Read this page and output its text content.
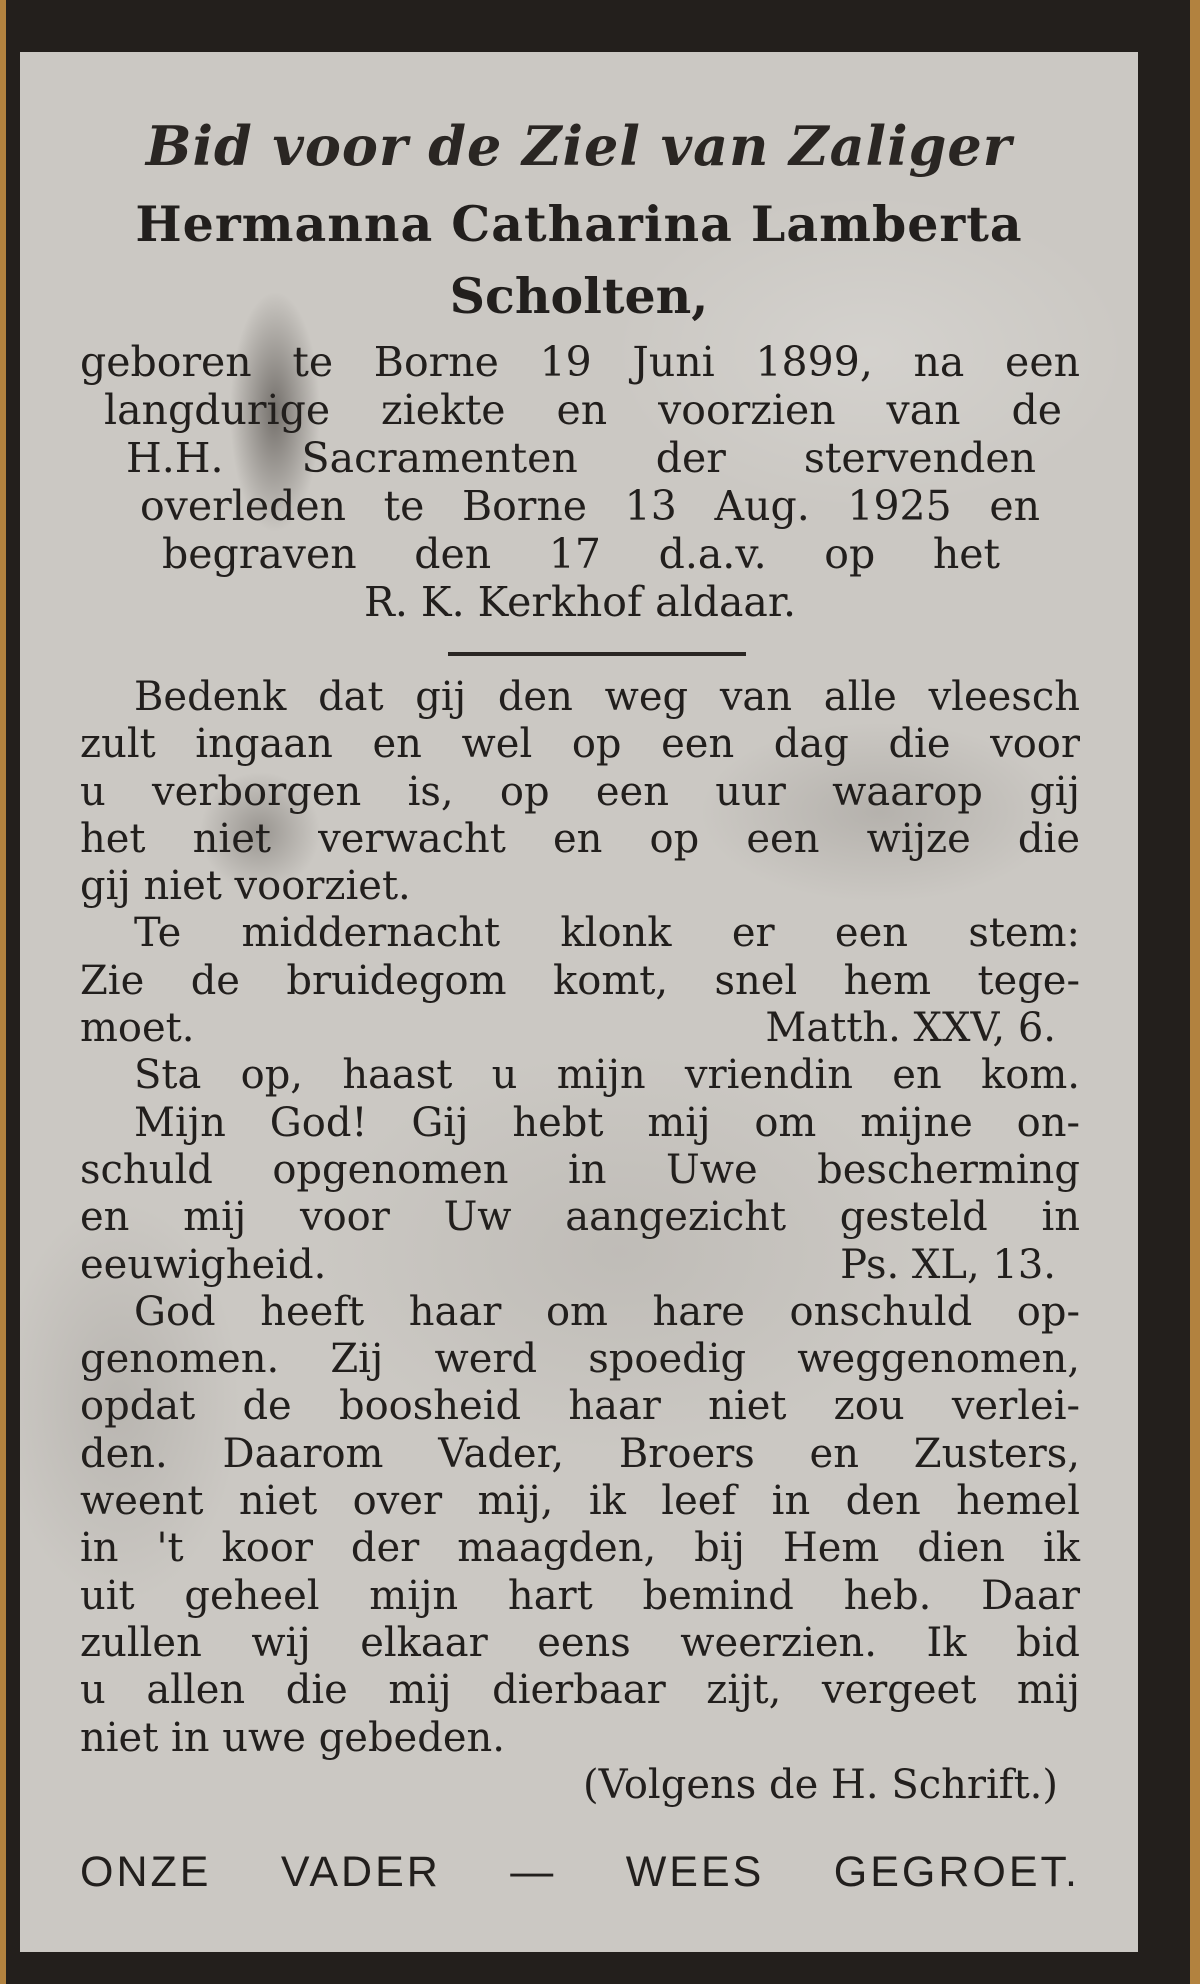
Bid voor de Ziel van Zaliger
Hermanna Catharina Lamberta
Scholten,
geboren te Borne 19 Juni 1899, na een
langdurige ziekte en voorzien van de
H.H. Sacramenten der stervenden
overleden te Borne 13 Aug. 1925 en
begraven den 17 d.a.v. op het
R. K. Kerkhof aldaar.
Bedenk dat gij den weg van alle vleesch
zult ingaan en wel op een dag die voor
u verborgen is, op een uur waarop gij
het niet verwacht en op een wijze die
gij niet voorziet.
Te middernacht klonk er een stem:
Zie de bruidegom komt, snel hem tege-
moet.	Matth. XXV, 6.
Sta op, haast u mijn vriendin en kom.
Mijn God! Gij hebt mij om mijne on-
schuld opgenomen in Uwe bescherming
en mij voor Uw aangezicht gesteld in
eeuwigheid.	Ps. XL, 13.
God heeft haar om hare onschuld op-
genomen. Zij werd spoedig weggenomen,
opdat de boosheid haar niet zou verlei-
den. Daarom Vader, Broers en Zusters,
weent niet over mij, ik leef in den hemel
in 't koor der maagden, bij Hem dien ik
uit geheel mijn hart bemind heb. Daar
zullen wij elkaar eens weerzien. Ik bid
u allen die mij dierbaar zijt, vergeet mij
niet in uwe gebeden.
(Volgens de H. Schrift.)
ONZE VADER — WEES GEGROET.
